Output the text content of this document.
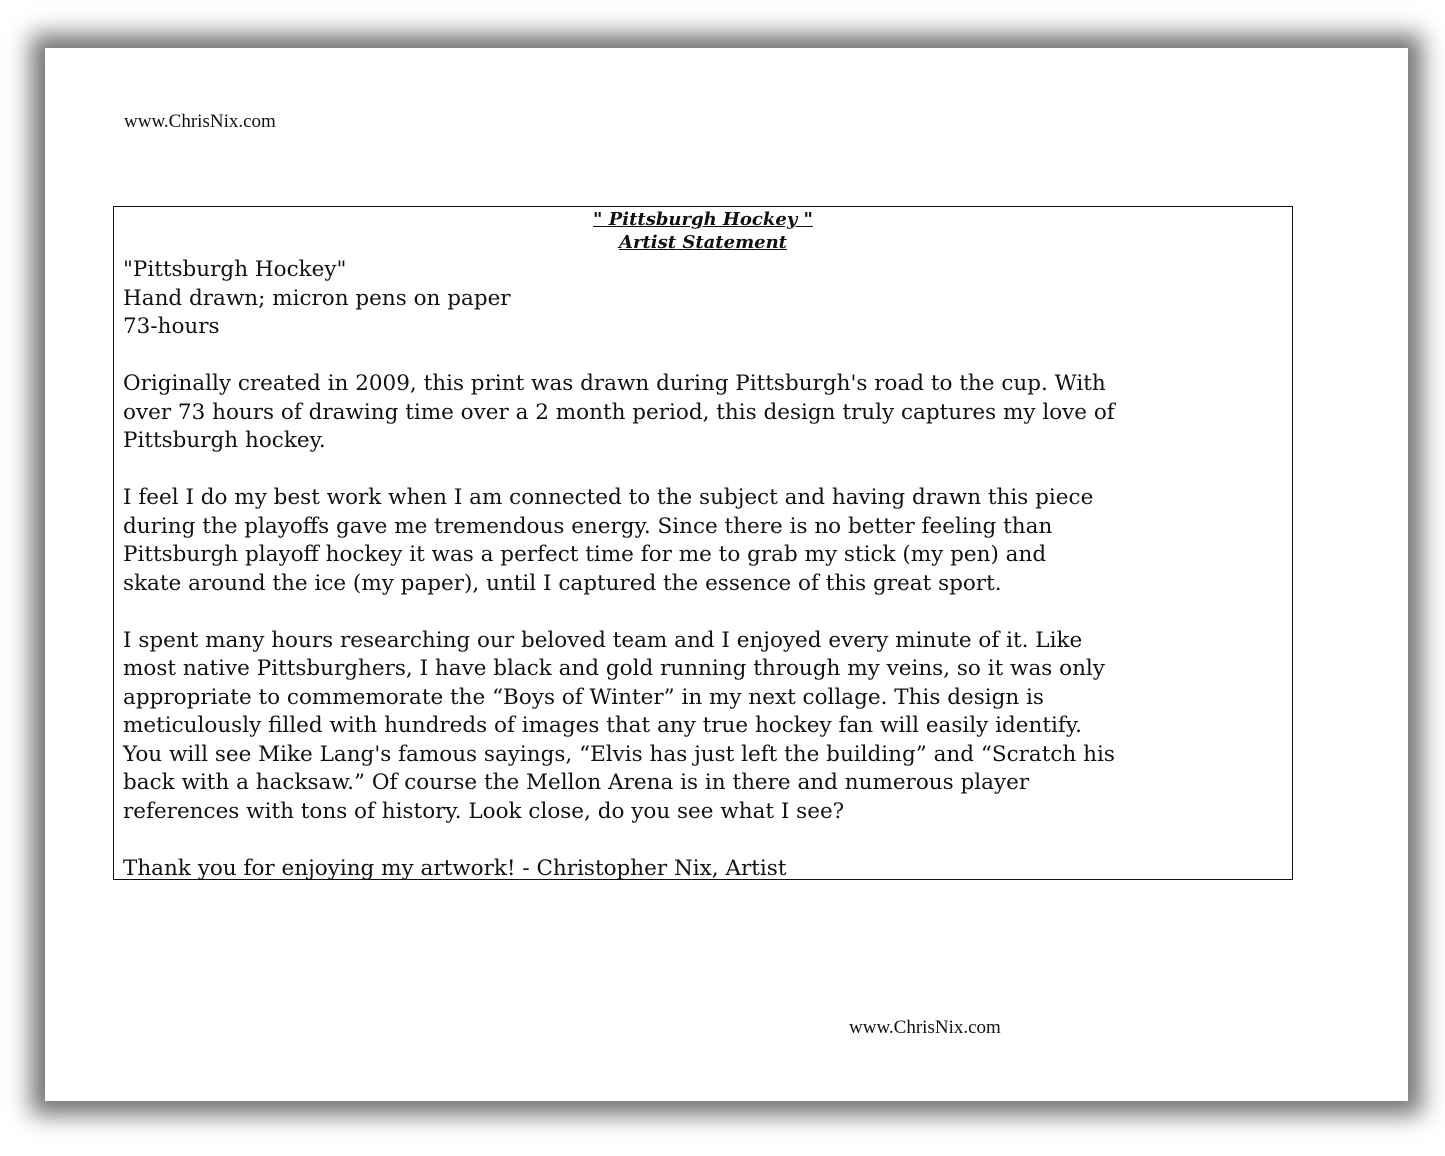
www.ChrisNix.com
" Pittsburgh Hockey "
Artist Statement

"Pittsburgh Hockey"
Hand drawn; micron pens on paper
73-hours

Originally created in 2009, this print was drawn during Pittsburgh's road to the cup. With
over 73 hours of drawing time over a 2 month period, this design truly captures my love of
Pittsburgh hockey.

I feel I do my best work when I am connected to the subject and having drawn this piece
during the playoffs gave me tremendous energy. Since there is no better feeling than
Pittsburgh playoff hockey it was a perfect time for me to grab my stick (my pen) and
skate around the ice (my paper), until I captured the essence of this great sport.

I spent many hours researching our beloved team and I enjoyed every minute of it. Like
most native Pittsburghers, I have black and gold running through my veins, so it was only
appropriate to commemorate the “Boys of Winter” in my next collage. This design is
meticulously filled with hundreds of images that any true hockey fan will easily identify.
You will see Mike Lang's famous sayings, “Elvis has just left the building” and “Scratch his
back with a hacksaw.” Of course the Mellon Arena is in there and numerous player
references with tons of history. Look close, do you see what I see?

Thank you for enjoying my artwork! - Christopher Nix, Artist

www.ChrisNix.com
